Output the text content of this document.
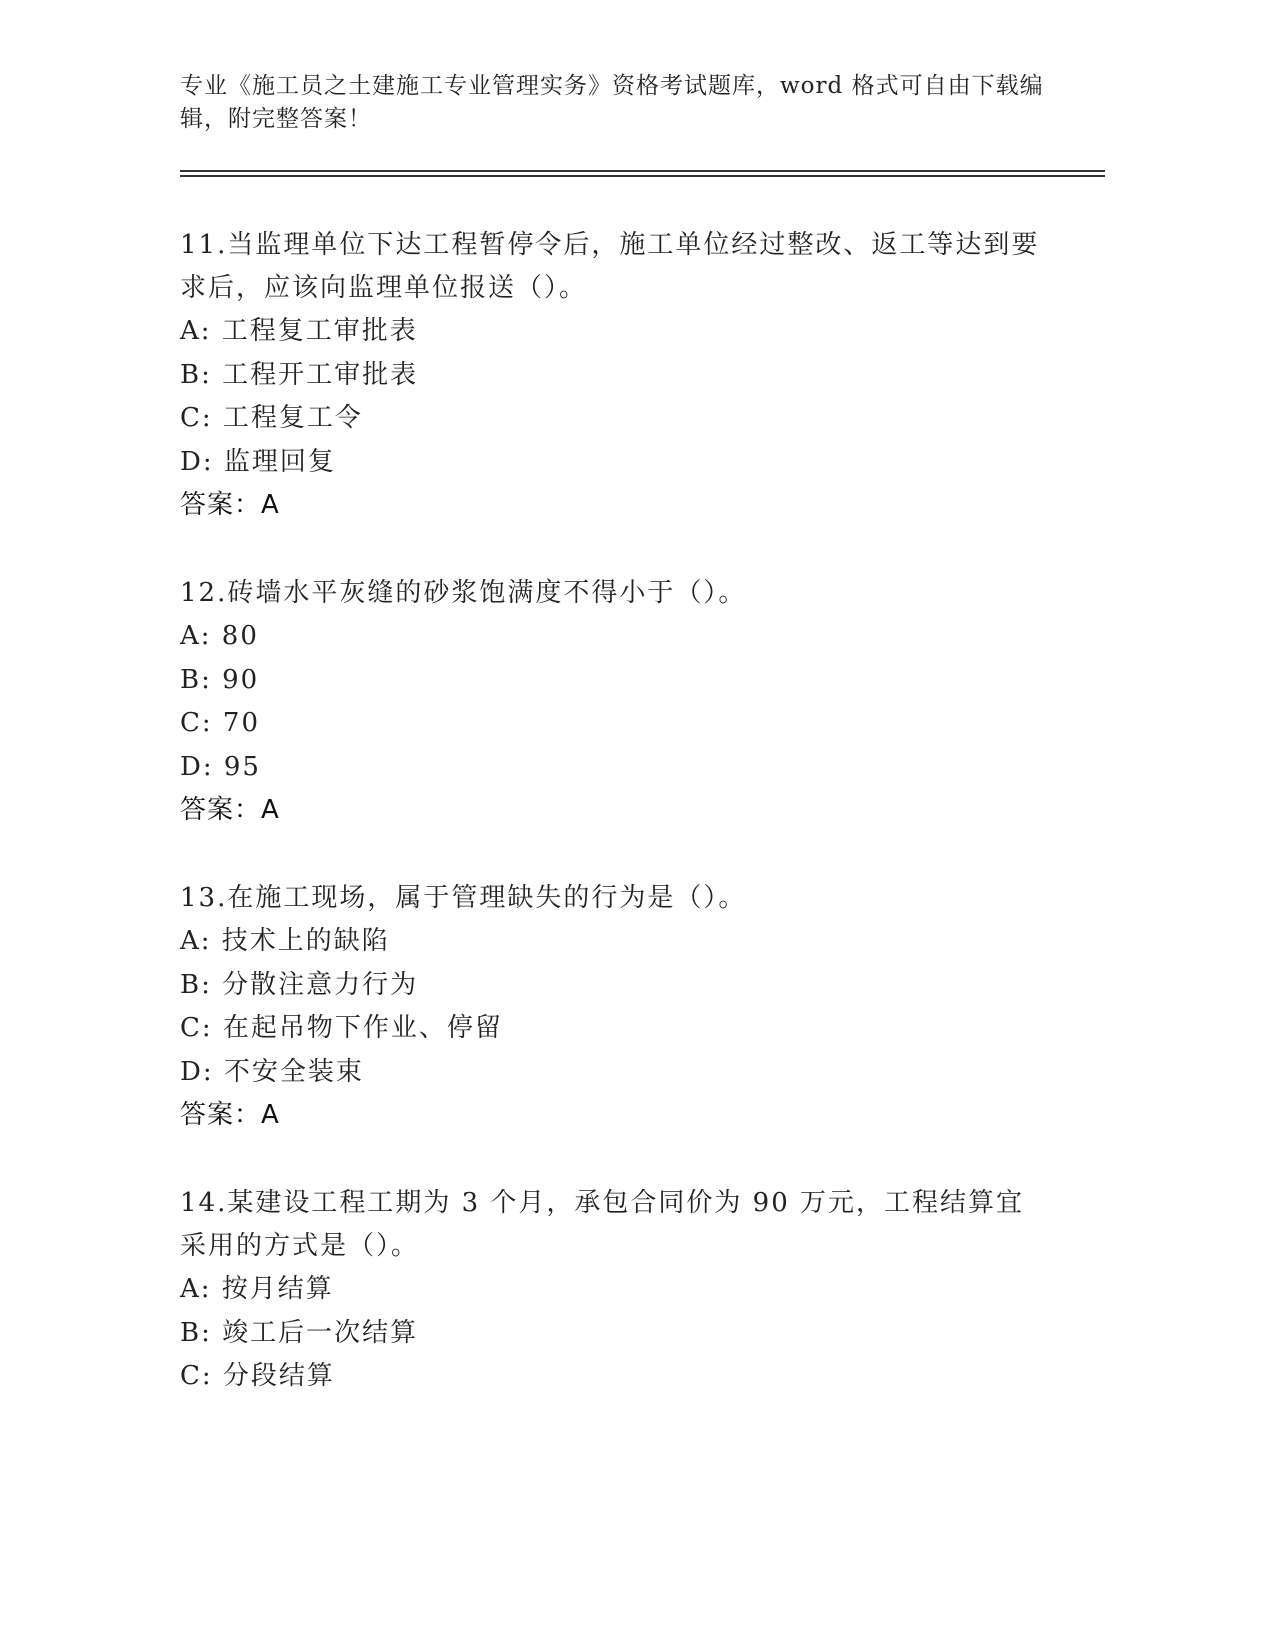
专业《施工员之土建施工专业管理实务》资格考试题库，word 格式可自由下载编辑，附完整答案！
11.当监理单位下达工程暂停令后，施工单位经过整改、返工等达到要求后，应该向监理单位报送（）。
A: 工程复工审批表
B: 工程开工审批表
C: 工程复工令
D: 监理回复
答案：A
12.砖墙水平灰缝的砂浆饱满度不得小于（）。
A: 80
B: 90
C: 70
D: 95
答案：A
13.在施工现场，属于管理缺失的行为是（）。
A: 技术上的缺陷
B: 分散注意力行为
C: 在起吊物下作业、停留
D: 不安全装束
答案：A
14.某建设工程工期为 3 个月，承包合同价为 90 万元，工程结算宜采用的方式是（）。
A: 按月结算
B: 竣工后一次结算
C: 分段结算
